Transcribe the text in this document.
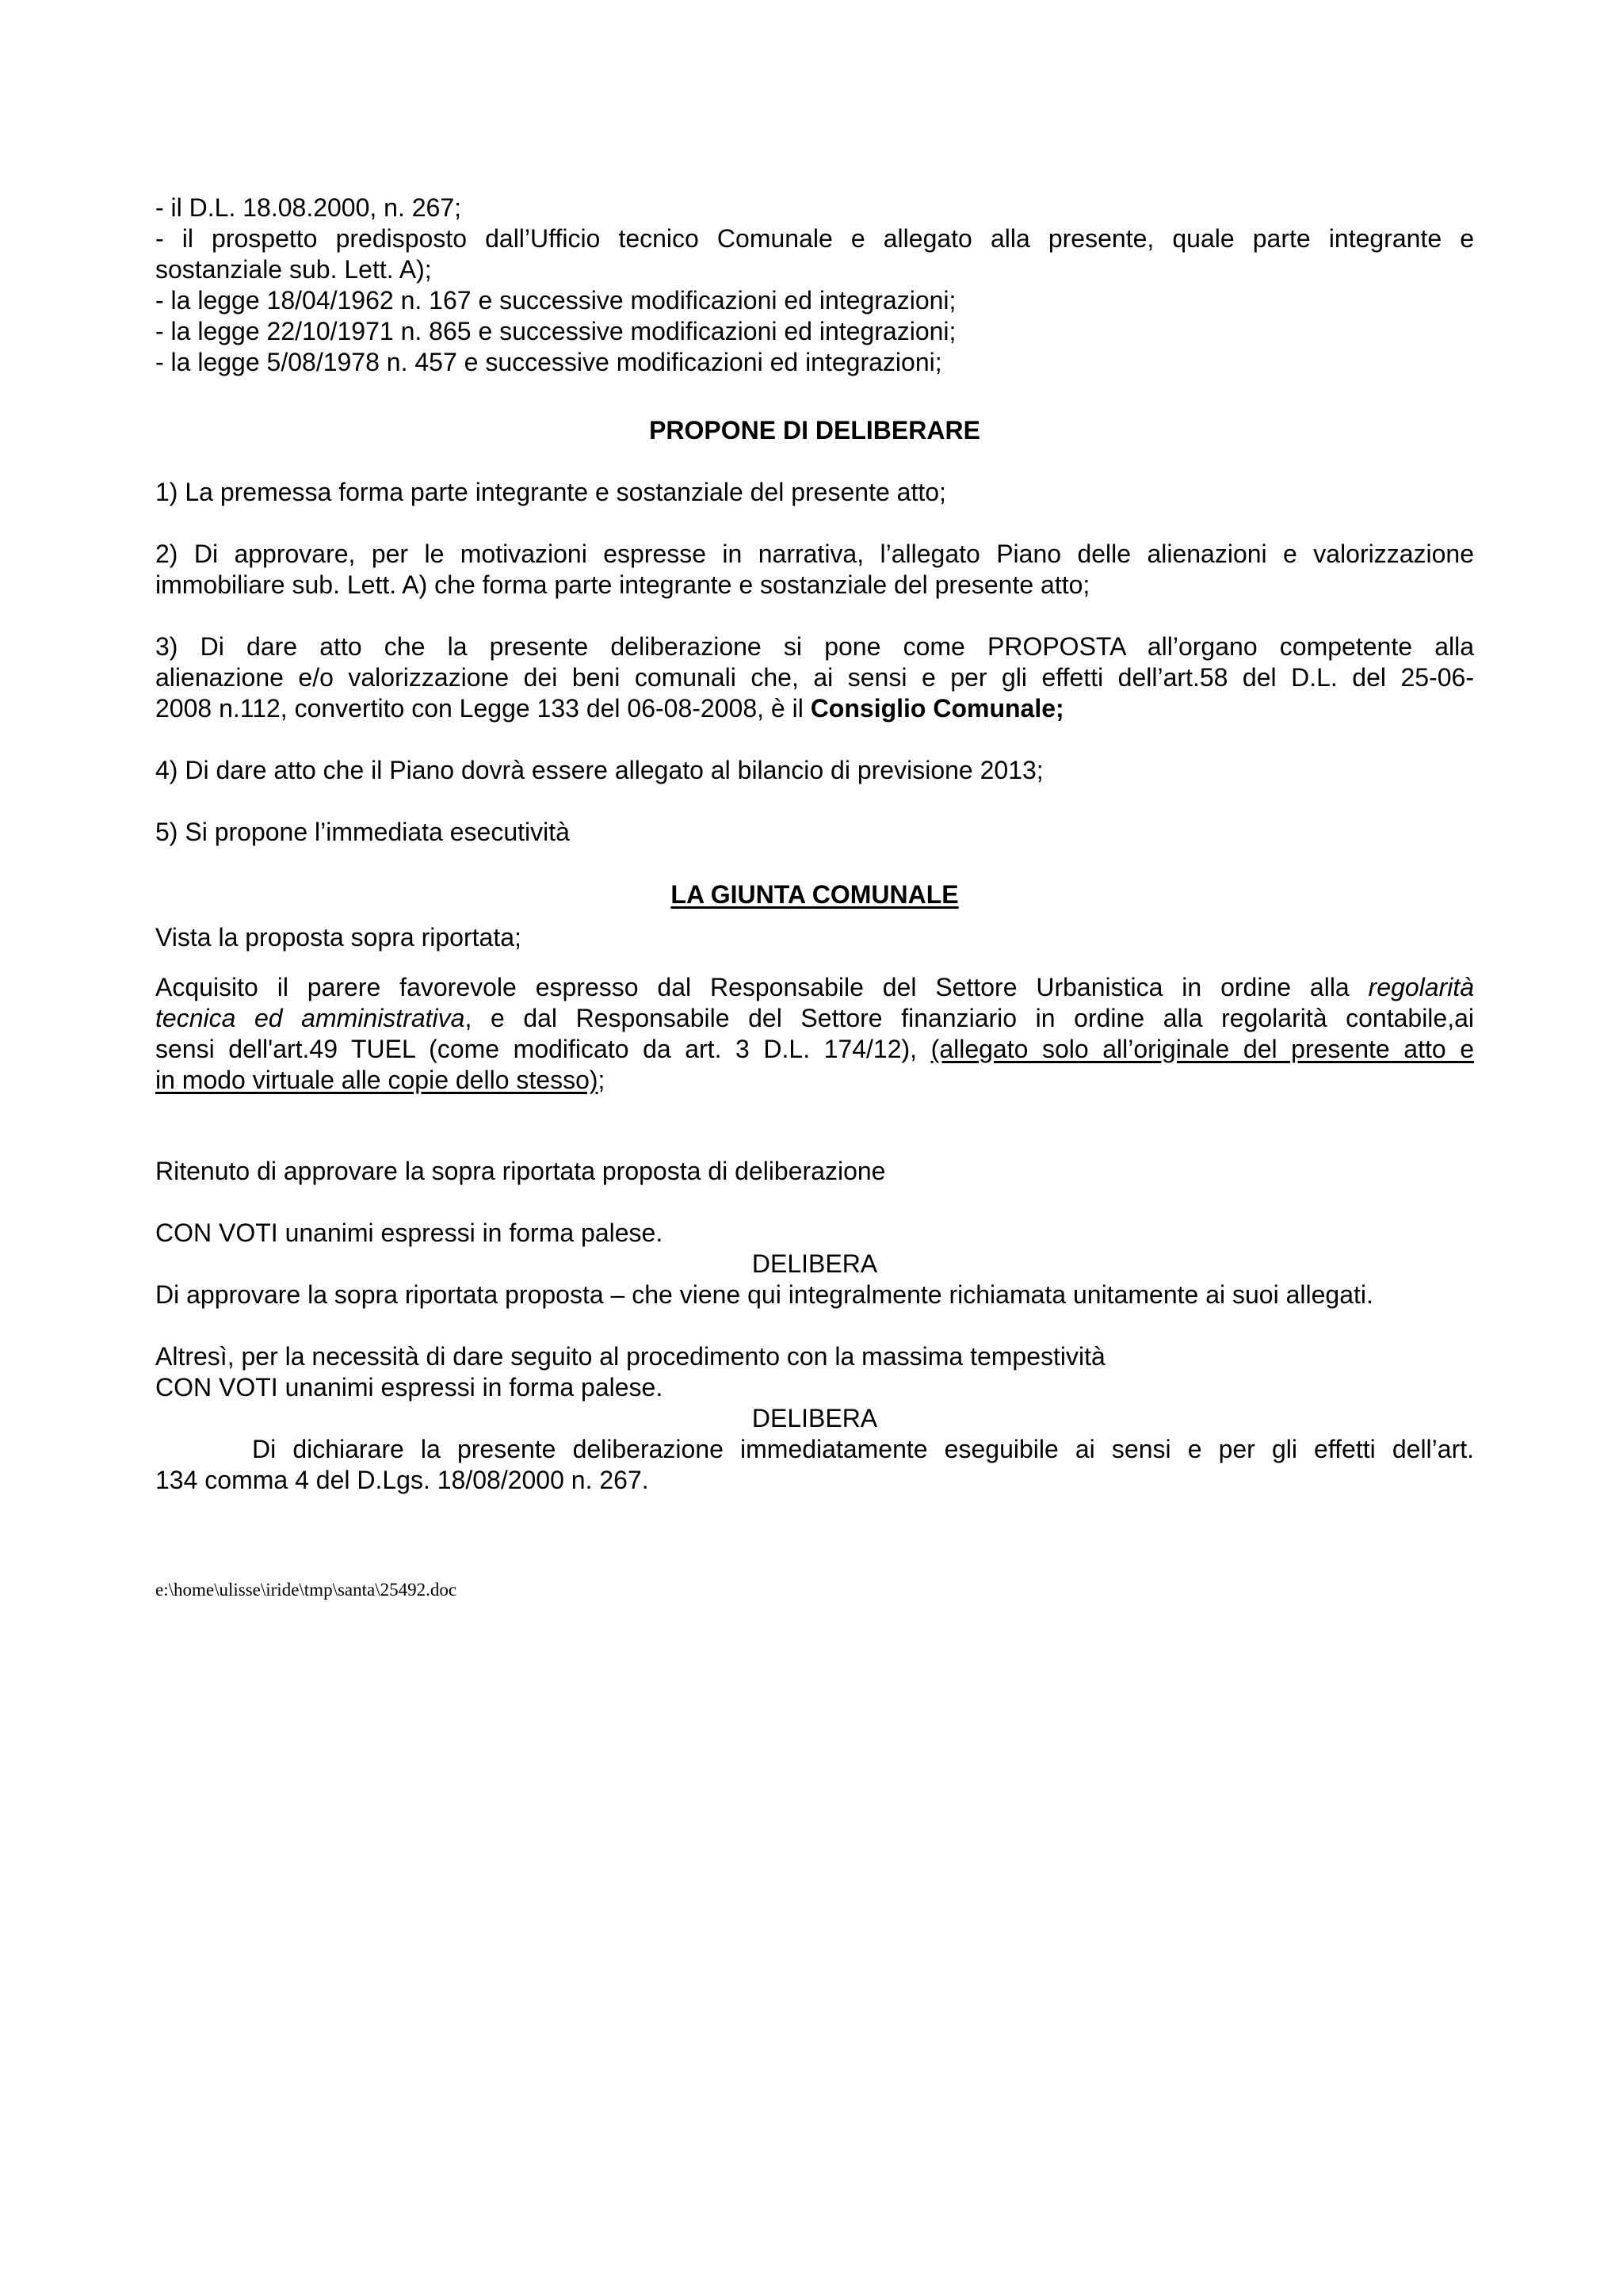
- il D.L. 18.08.2000, n. 267;
- il prospetto predisposto dall’Ufficio tecnico Comunale e allegato alla presente, quale parte integrante e
sostanziale sub. Lett. A);
- la legge 18/04/1962 n. 167 e successive modificazioni ed integrazioni;
- la legge 22/10/1971 n. 865 e successive modificazioni ed integrazioni;
- la legge 5/08/1978 n. 457 e successive modificazioni ed integrazioni;
PROPONE DI DELIBERARE
1) La premessa forma parte integrante e sostanziale del presente atto;
2) Di approvare, per le motivazioni espresse in narrativa, l’allegato Piano delle alienazioni e valorizzazione
immobiliare sub. Lett. A) che forma parte integrante e sostanziale del presente atto;
3) Di dare atto che la presente deliberazione si pone come PROPOSTA all’organo competente alla
alienazione e/o valorizzazione dei beni comunali che, ai sensi e per gli effetti dell’art.58 del D.L. del 25-06-
2008 n.112, convertito con Legge 133 del 06-08-2008, è il Consiglio Comunale;
4) Di dare atto che il Piano dovrà essere allegato al bilancio di previsione 2013;
5) Si propone l’immediata esecutività
LA GIUNTA COMUNALE
Vista la proposta sopra riportata;
Acquisito il parere favorevole espresso dal Responsabile del Settore Urbanistica in ordine alla regolarità
tecnica ed amministrativa, e dal Responsabile del Settore finanziario in ordine alla regolarità contabile,ai
sensi dell'art.49 TUEL (come modificato da art. 3 D.L. 174/12), (allegato solo all’originale del presente atto e
in modo virtuale alle copie dello stesso);
Ritenuto di approvare la sopra riportata proposta di deliberazione
CON VOTI unanimi espressi in forma palese.
DELIBERA
Di approvare la sopra riportata proposta – che viene qui integralmente richiamata unitamente ai suoi allegati.
Altresì, per la necessità di dare seguito al procedimento con la massima tempestività
CON VOTI unanimi espressi in forma palese.
DELIBERA
Di dichiarare la presente deliberazione immediatamente eseguibile ai sensi e per gli effetti dell’art.
134 comma 4 del D.Lgs. 18/08/2000 n. 267.
e:\home\ulisse\iride\tmp\santa\25492.doc
